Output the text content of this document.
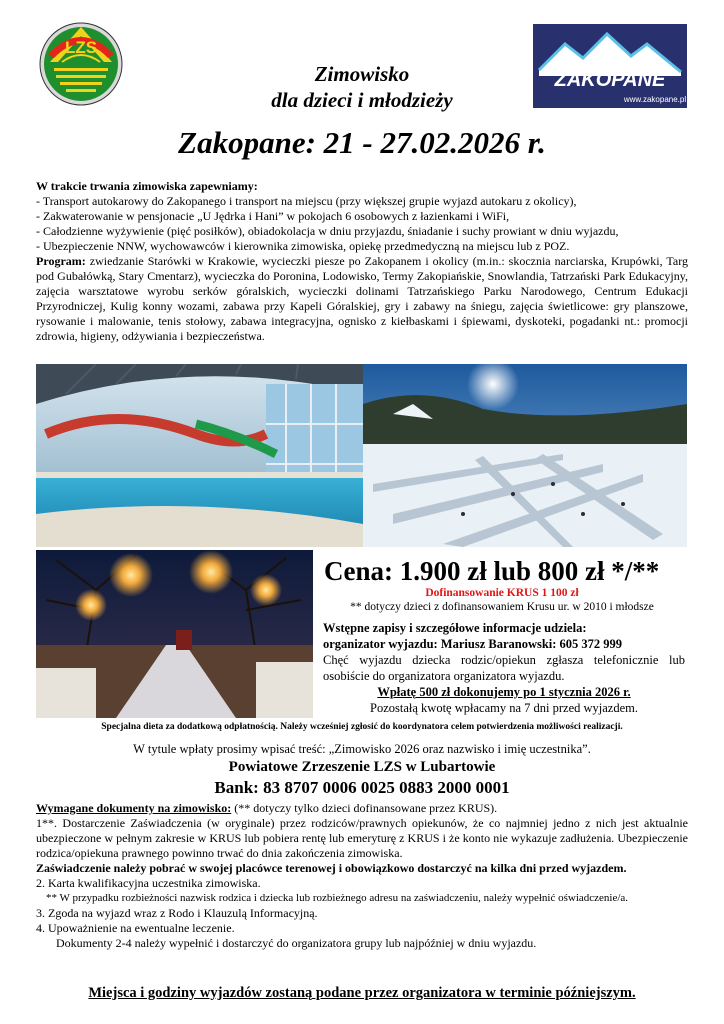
LZS
ZAKOPANE
www.zakopane.pl
Zimowisko
dla dzieci i młodzieży
Zakopane: 21 - 27.02.2026 r.

W trakcie trwania zimowiska zapewniamy:

- Transport autokarowy do Zakopanego i transport na miejscu (przy większej grupie wyjazd autokaru z okolicy),

- Zakwaterowanie w pensjonacie „U Jędrka i Hani” w pokojach 6 osobowych z łazienkami i WiFi,

- Całodzienne wyżywienie (pięć posiłków), obiadokolacja w dniu przyjazdu, śniadanie i suchy prowiant w dniu wyjazdu,

- Ubezpieczenie NNW, wychowawców i kierownika zimowiska, opiekę przedmedyczną na miejscu lub z POZ.

Program: zwiedzanie Starówki w Krakowie, wycieczki piesze po Zakopanem i okolicy (m.in.: skocznia narciarska, Krupówki, Targ pod Gubałówką, Stary Cmentarz), wycieczka do Poronina, Lodowisko, Termy Zakopiańskie, Snowlandia, Tatrzański Park Edukacyjny, zajęcia warsztatowe wyrobu serków góralskich, wycieczki dolinami Tatrzańskiego Parku Narodowego, Centrum Edukacji Przyrodniczej, Kulig konny wozami, zabawa przy Kapeli Góralskiej, gry i zabawy na śniegu, zajęcia świetlicowe: gry planszowe, rysowanie i malowanie, tenis stołowy, zabawa integracyjna, ognisko z kiełbaskami i śpiewami, dyskoteki, pogadanki nt.: promocji zdrowia, higieny, odżywiania i bezpieczeństwa.

Cena: 1.900 zł lub 800 zł */**
Dofinansowanie KRUS 1 100 zł
** dotyczy dzieci z dofinansowaniem Krusu ur. w 2010 i młodsze

Wstępne zapisy i szczegółowe informacje udziela:

organizator wyjazdu: Mariusz Baranowski: 605 372 999

Chęć wyjazdu dziecka rodzic/opiekun zgłasza telefonicznie lub osobiście do organizatora organizatora wyjazdu.

Wpłatę 500 zł dokonujemy po 1 stycznia 2026 r.

Pozostałą kwotę wpłacamy na 7 dni przed wyjazdem.

Specjalna dieta za dodatkową odpłatnością. Należy wcześniej zgłosić do koordynatora celem potwierdzenia możliwości realizacji.
W tytule wpłaty prosimy wpisać treść: „Zimowisko 2026 oraz nazwisko i imię uczestnika”.
Powiatowe Zrzeszenie LZS w Lubartowie
Bank: 83 8707 0006 0025 0883 2000 0001

Wymagane dokumenty na zimowisko: (** dotyczy tylko dzieci dofinansowane przez KRUS).

1**. Dostarczenie Zaświadczenia (w oryginale) przez rodziców/prawnych opiekunów, że co najmniej jedno z nich jest aktualnie ubezpieczone w pełnym zakresie w KRUS lub pobiera rentę lub emeryturę z KRUS i że konto nie wykazuje zadłużenia. Ubezpieczenie rodzica/opiekuna prawnego powinno trwać do dnia zakończenia zimowiska.

Zaświadczenie należy pobrać w swojej placówce terenowej i obowiązkowo dostarczyć na kilka dni przed wyjazdem.

2. Karta kwalifikacyjna uczestnika zimowiska.

** W przypadku rozbieżności nazwisk rodzica i dziecka lub rozbieżnego adresu na zaświadczeniu, należy wypełnić oświadczenie/a.

3. Zgoda na wyjazd wraz z Rodo i Klauzulą Informacyjną.

4. Upoważnienie na ewentualne leczenie.

Dokumenty 2-4 należy wypełnić i dostarczyć do organizatora grupy lub najpóźniej w dniu wyjazdu.

Miejsca i godziny wyjazdów zostaną podane przez organizatora w terminie późniejszym.
